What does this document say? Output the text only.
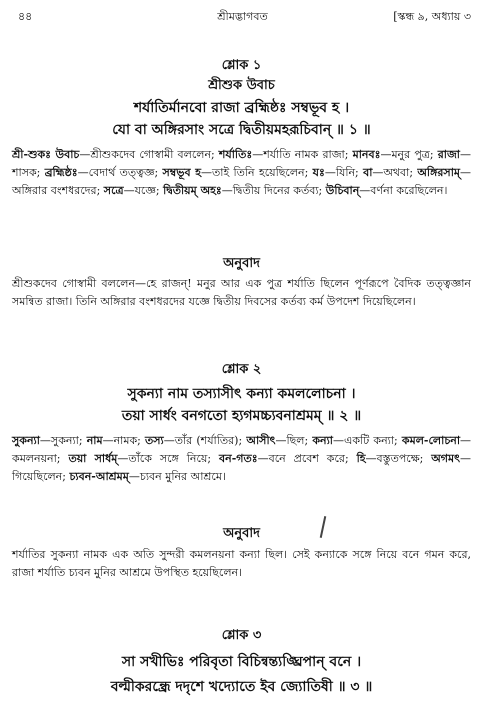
৪৪	শ্রীমদ্ভাগবত	[স্কন্ধ ৯, অধ্যায় ৩
শ্লোক ১
শ্রীশুক উবাচ
শর্যাতির্মানবো রাজা ব্রহ্মিষ্ঠঃ সম্বভূব হ ।
যো বা অঙ্গিরসাং সত্রে দ্বিতীয়মহরূচিবান্ ॥ ১ ॥
শ্রী-শুকঃ উবাচ—শ্রীশুকদেব গোস্বামী বললেন; শর্যাতিঃ—শর্যাতি নামক রাজা; মানবঃ—মনুর পুত্র; রাজা—শাসক; ব্রহ্মিষ্ঠঃ—বেদার্থ তত্ত্বজ্ঞ; সম্বভূব হ—তাই তিনি হয়েছিলেন; যঃ—যিনি; বা—অথবা; অঙ্গিরসাম্—অঙ্গিরার বংশধরদের; সত্রে—যজ্ঞে; দ্বিতীয়ম্ অহঃ—দ্বিতীয় দিনের কর্তব্য; উচিবান্—বর্ণনা করেছিলেন।
অনুবাদ
শ্রীশুকদেব গোস্বামী বললেন—হে রাজন্! মনুর আর এক পুত্র শর্যাতি ছিলেন পূর্ণরূপে বৈদিক তত্ত্বজ্ঞান সমন্বিত রাজা। তিনি অঙ্গিরার বংশধরদের যজ্ঞে দ্বিতীয় দিবসের কর্তব্য কর্ম উপদেশ দিয়েছিলেন।
শ্লোক ২
সুকন্যা নাম তস্যাসীৎ কন্যা কমললোচনা ।
তয়া সার্ধং বনগতো হ্যগমচ্চ্যবনাশ্রমম্ ॥ ২ ॥
সুকন্যা—সুকন্যা; নাম—নামক; তস্য—তাঁর (শর্যাতির); আসীৎ—ছিল; কন্যা—একটি কন্যা; কমল-লোচনা—কমলনয়না; তয়া সার্ধম্—তাঁকে সঙ্গে নিয়ে; বন-গতঃ—বনে প্রবেশ করে; হি—বস্তুতপক্ষে; অগমৎ—গিয়েছিলেন; চ্যবন-আশ্রমম্—চ্যবন মুনির আশ্রমে।
অনুবাদ
শর্যাতির সুকন্যা নামক এক অতি সুন্দরী কমলনয়না কন্যা ছিল। সেই কন্যাকে সঙ্গে নিয়ে বনে গমন করে, রাজা শর্যাতি চ্যবন মুনির আশ্রমে উপস্থিত হয়েছিলেন।
শ্লোক ৩
সা সখীভিঃ পরিবৃতা বিচিন্বন্ত্যঙ্ঘ্রিপান্ বনে ।
বল্মীকরন্ধ্রে দদৃশে খদ্যোতে ইব জ্যোতিষী ॥ ৩ ॥
